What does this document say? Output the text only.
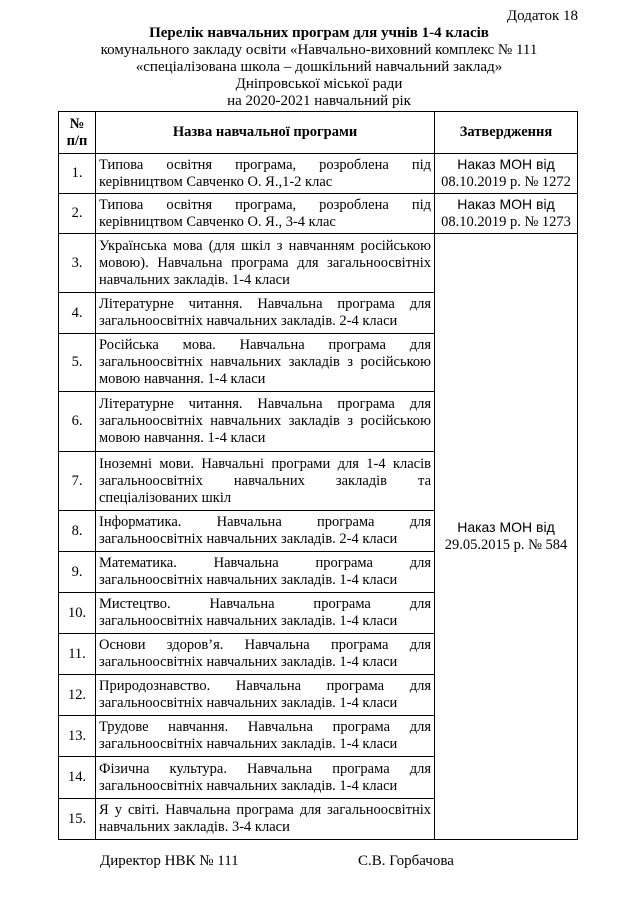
Додаток 18
Перелік навчальних програм для учнів 1-4 класів
комунального закладу освіти «Навчально-виховний комплекс № 111
«спеціалізована школа – дошкільний навчальний заклад»
Дніпровської міської ради
на 2020-2021 навчальний рік
№
п/п	Назва навчальної програми	Затвердження
1.	Типова освітня програма, розроблена під керівництвом Савченко О. Я.,1-2 клас	Наказ МОН від
08.10.2019 р. № 1272
2.	Типова освітня програма, розроблена під керівництвом Савченко О. Я., 3-4 клас	Наказ МОН від
08.10.2019 р. № 1273
3.	Українська мова (для шкіл з навчанням російською мовою). Навчальна програма для загальноосвітніх навчальних закладів. 1-4 класи	Наказ МОН від
29.05.2015 р. № 584
4.	Літературне читання. Навчальна програма для загальноосвітніх навчальних закладів. 2-4 класи	
5.	Російська мова. Навчальна програма для загальноосвітніх навчальних закладів з російською мовою навчання. 1-4 класи	
6.	Літературне читання. Навчальна програма для загальноосвітніх навчальних закладів з російською мовою навчання. 1-4 класи	
7.	Іноземні мови. Навчальні програми для 1-4 класів загальноосвітніх навчальних закладів та спеціалізованих шкіл	
8.	Інформатика. Навчальна програма для загальноосвітніх навчальних закладів. 2-4 класи	
9.	Математика. Навчальна програма для загальноосвітніх навчальних закладів. 1-4 класи	
10.	Мистецтво. Навчальна програма для загальноосвітніх навчальних закладів. 1-4 класи	
11.	Основи здоров’я. Навчальна програма для загальноосвітніх навчальних закладів. 1-4 класи	
12.	Природознавство. Навчальна програма для загальноосвітніх навчальних закладів. 1-4 класи	
13.	Трудове навчання. Навчальна програма для загальноосвітніх навчальних закладів. 1-4 класи	
14.	Фізична культура. Навчальна програма для загальноосвітніх навчальних закладів. 1-4 класи	
15.	Я у світі. Навчальна програма для загальноосвітніх навчальних закладів. 3-4 класи	
Директор НВК № 111	С.В. Горбачова
